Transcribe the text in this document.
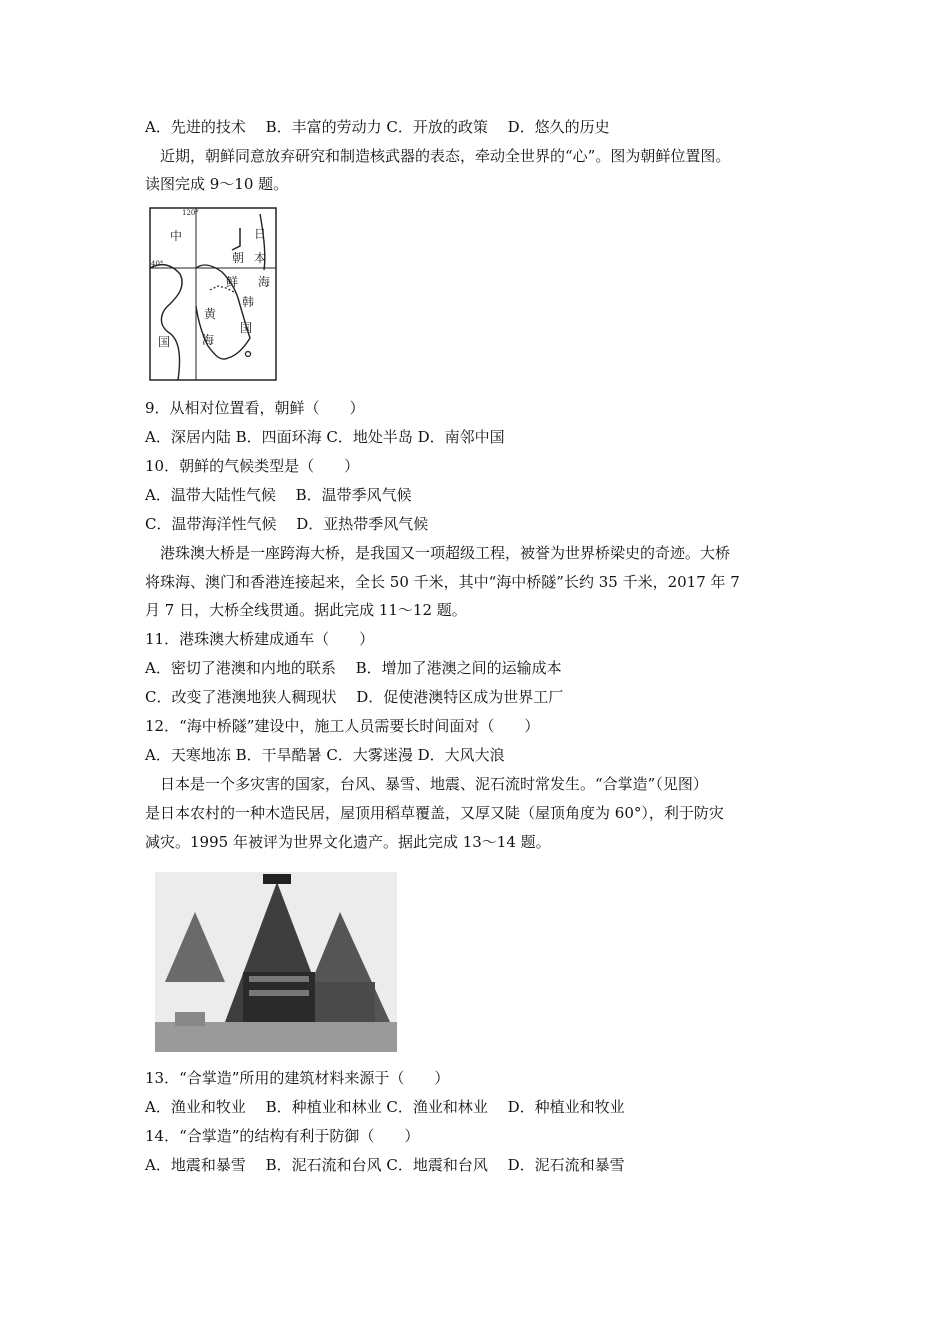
A．先进的技术　 B．丰富的劳动力 C．开放的政策　 D．悠久的历史
近期，朝鲜同意放弃研究和制造核武器的表态，牵动全世界的“心”。图为朝鲜位置图。
读图完成 9～10 题。
120°
40°
中
国
朝
鲜
黄
海
日
本
海
韩
国
9．从相对位置看，朝鲜（　　）
A．深居内陆 B．四面环海 C．地处半岛 D．南邻中国
10．朝鲜的气候类型是（　　）
A．温带大陆性气候　 B．温带季风气候
C．温带海洋性气候　 D．亚热带季风气候
港珠澳大桥是一座跨海大桥，是我国又一项超级工程，被誉为世界桥梁史的奇迹。大桥
将珠海、澳门和香港连接起来，全长 50 千米，其中“海中桥隧”长约 35 千米，2017 年 7
月 7 日，大桥全线贯通。据此完成 11～12 题。
11．港珠澳大桥建成通车（　　）
A．密切了港澳和内地的联系　 B．增加了港澳之间的运输成本
C．改变了港澳地狭人稠现状　 D．促使港澳特区成为世界工厂
12．“海中桥隧”建设中，施工人员需要长时间面对（　　）
A．天寒地冻 B．干旱酷暑 C．大雾迷漫 D．大风大浪
日本是一个多灾害的国家，台风、暴雪、地震、泥石流时常发生。“合掌造”（见图）
是日本农村的一种木造民居，屋顶用稻草覆盖，又厚又陡（屋顶角度为 60°），利于防灾
减灾。1995 年被评为世界文化遗产。据此完成 13～14 题。
13．“合掌造”所用的建筑材料来源于（　　）
A．渔业和牧业　 B．种植业和林业 C．渔业和林业　 D．种植业和牧业
14．“合掌造”的结构有利于防御（　　）
A．地震和暴雪　 B．泥石流和台风 C．地震和台风　 D．泥石流和暴雪
